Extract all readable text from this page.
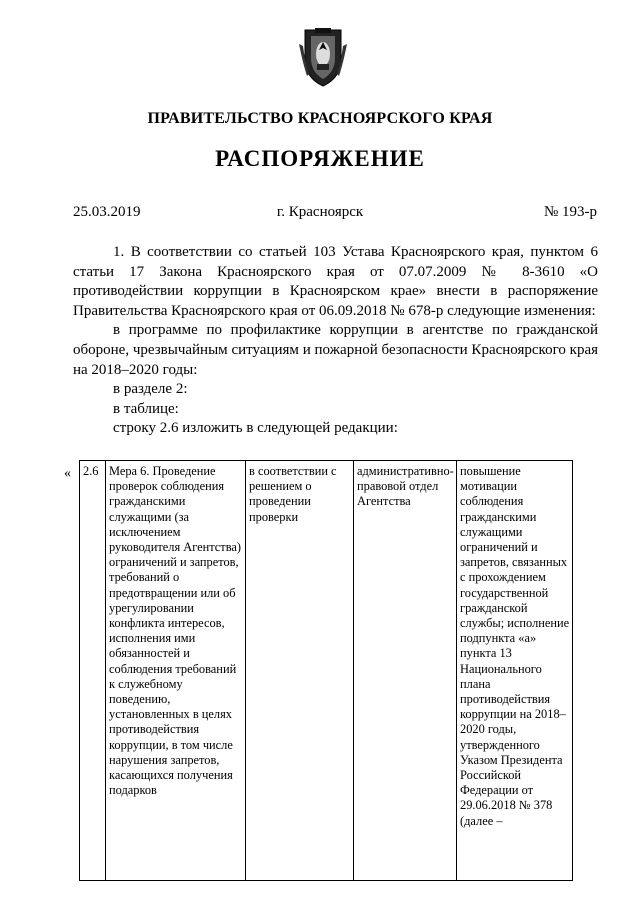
ПРАВИТЕЛЬСТВО КРАСНОЯРСКОГО КРАЯ
РАСПОРЯЖЕНИЕ
25.03.2019	г. Красноярск	№ 193-р

1. В соответствии со статьей 103 Устава Красноярского края, пунктом 6 статьи 17 Закона Красноярского края от 07.07.2009 № 8-3610 «О противодействии коррупции в Красноярском крае» внести в распоряжение Правительства Красноярского края от 06.09.2018 № 678-р следующие изменения:

в программе по профилактике коррупции в агентстве по гражданской обороне, чрезвычайным ситуациям и пожарной безопасности Красноярского края на 2018–2020 годы:

в разделе 2:

в таблице:

строку 2.6 изложить в следующей редакции:

« 2.6	Мера 6. Проведение проверок соблюдения гражданскими служащими (за исключением руководителя Агентства) ограничений и запретов, требований о предотвращении или об урегулировании конфликта интересов, исполнения ими обязанностей и соблюдения требований к служебному поведению, установленных в целях противодействия коррупции, в том числе нарушения запретов, касающихся получения подарков	в соответствии с решением о проведении проверки	административно-правовой отдел Агентства	повышение мотивации соблюдения гражданскими служащими ограничений и запретов, связанных с прохождением государственной гражданской службы; исполнение подпункта «а» пункта 13 Национального плана противодействия коррупции на 2018–2020 годы, утвержденного Указом Президента Российской Федерации от 29.06.2018 № 378 (далее –
